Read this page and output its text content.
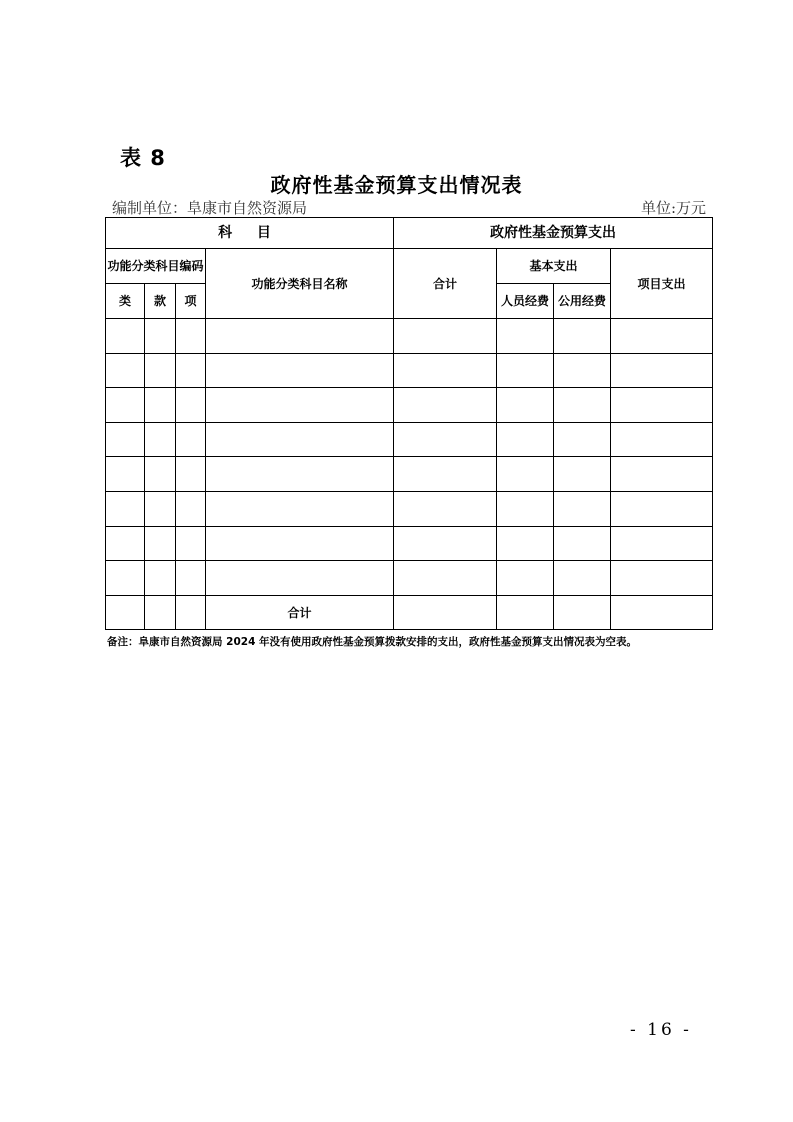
表 8
政府性基金预算支出情况表
编制单位：阜康市自然资源局	单位:万元
科 目				政府性基金预算支出			
功能分类科目编码			功能分类科目名称	合计	基本支出		项目支出
类	款	项			人员经费	公用经费	

			合计				
备注：阜康市自然资源局 2024 年没有使用政府性基金预算拨款安排的支出，政府性基金预算支出情况表为空表。
- 16 -
